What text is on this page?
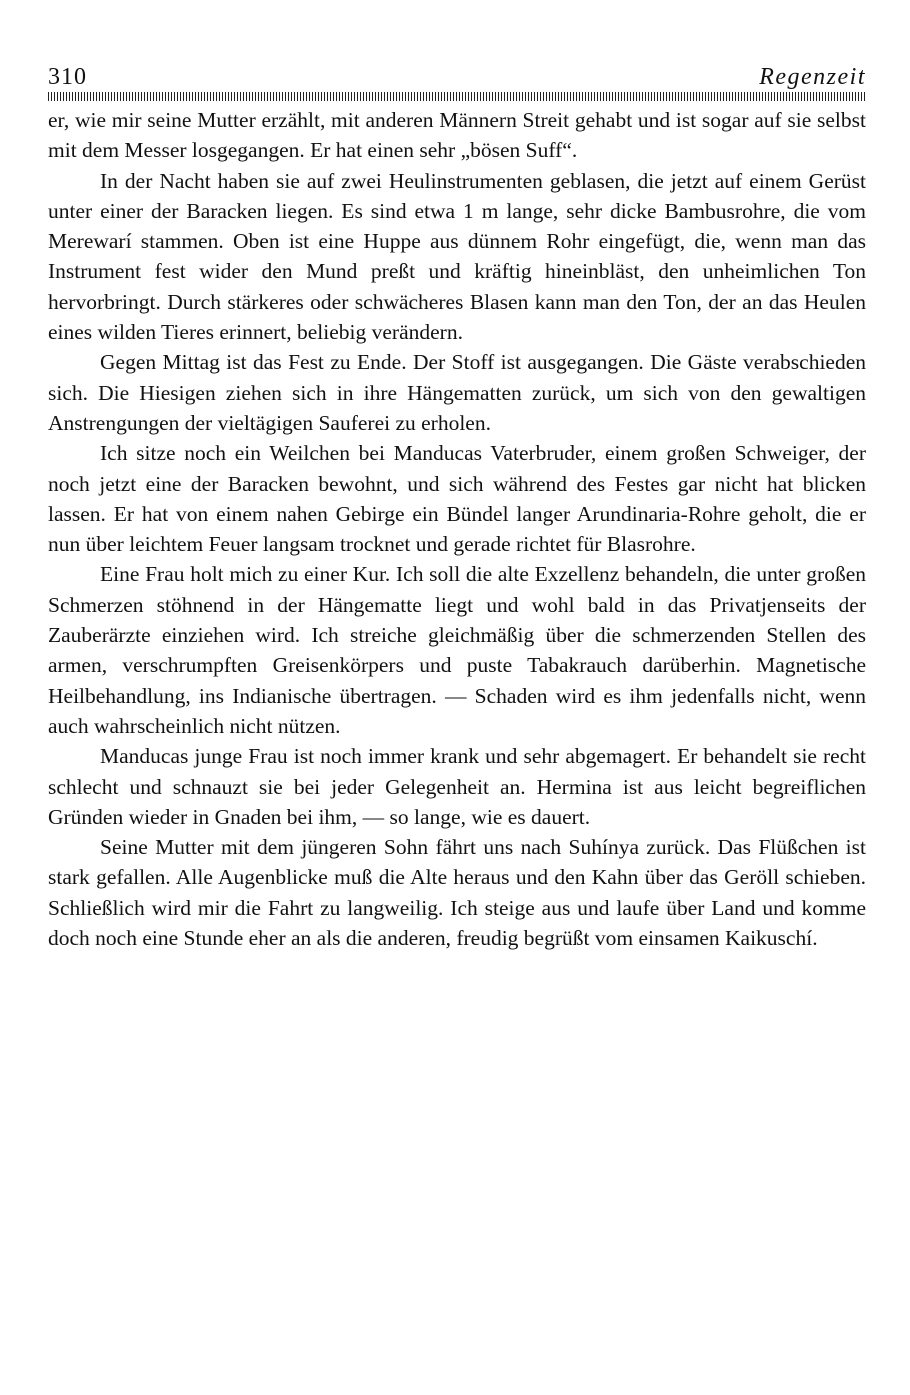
310	Regenzeit

er, wie mir seine Mutter erzählt, mit anderen Männern Streit gehabt und ist sogar auf sie selbst mit dem Messer losgegangen. Er hat einen sehr „bösen Suff“.

In der Nacht haben sie auf zwei Heulinstrumenten geblasen, die jetzt auf einem Gerüst unter einer der Baracken liegen. Es sind etwa 1 m lange, sehr dicke Bambusrohre, die vom Merewarí stammen. Oben ist eine Huppe aus dünnem Rohr eingefügt, die, wenn man das Instrument fest wider den Mund preßt und kräftig hineinbläst, den unheimlichen Ton hervorbringt. Durch stärkeres oder schwächeres Blasen kann man den Ton, der an das Heulen eines wilden Tieres erinnert, beliebig verändern.

Gegen Mittag ist das Fest zu Ende. Der Stoff ist ausgegangen. Die Gäste verabschieden sich. Die Hiesigen ziehen sich in ihre Hängematten zurück, um sich von den gewaltigen Anstrengungen der vieltägigen Sauferei zu erholen.

Ich sitze noch ein Weilchen bei Manducas Vaterbruder, einem großen Schweiger, der noch jetzt eine der Baracken bewohnt, und sich während des Festes gar nicht hat blicken lassen. Er hat von einem nahen Gebirge ein Bündel langer Arundinaria-Rohre geholt, die er nun über leichtem Feuer langsam trocknet und gerade richtet für Blasrohre.

Eine Frau holt mich zu einer Kur. Ich soll die alte Exzellenz behandeln, die unter großen Schmerzen stöhnend in der Hängematte liegt und wohl bald in das Privatjenseits der Zauberärzte einziehen wird. Ich streiche gleichmäßig über die schmerzenden Stellen des armen, verschrumpften Greisenkörpers und puste Tabakrauch darüberhin. Magnetische Heilbehandlung, ins Indianische übertragen. — Schaden wird es ihm jedenfalls nicht, wenn auch wahrscheinlich nicht nützen.

Manducas junge Frau ist noch immer krank und sehr abgemagert. Er behandelt sie recht schlecht und schnauzt sie bei jeder Gelegenheit an. Hermina ist aus leicht begreiflichen Gründen wieder in Gnaden bei ihm, — so lange, wie es dauert.

Seine Mutter mit dem jüngeren Sohn fährt uns nach Suhínya zurück. Das Flüßchen ist stark gefallen. Alle Augenblicke muß die Alte heraus und den Kahn über das Geröll schieben. Schließlich wird mir die Fahrt zu langweilig. Ich steige aus und laufe über Land und komme doch noch eine Stunde eher an als die anderen, freudig begrüßt vom einsamen Kaikuschí.
